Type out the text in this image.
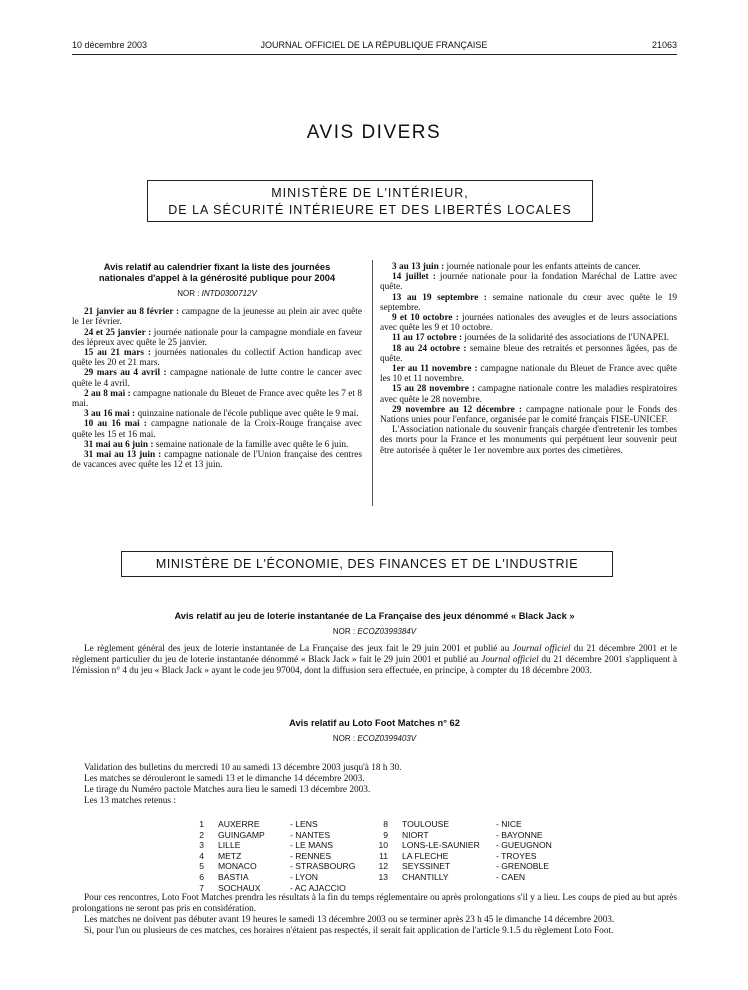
10 décembre 2003	JOURNAL OFFICIEL DE LA RÉPUBLIQUE FRANÇAISE	21063
AVIS DIVERS
MINISTÈRE DE L'INTÉRIEUR,
DE LA SÉCURITÉ INTÉRIEURE ET DES LIBERTÉS LOCALES
Avis relatif au calendrier fixant la liste des journées nationales d'appel à la générosité publique pour 2004
NOR : INTD0300712V

21 janvier au 8 février : campagne de la jeunesse au plein air avec quête le 1er février.

24 et 25 janvier : journée nationale pour la campagne mondiale en faveur des lépreux avec quête le 25 janvier.

15 au 21 mars : journées nationales du collectif Action handicap avec quête les 20 et 21 mars.

29 mars au 4 avril : campagne nationale de lutte contre le cancer avec quête le 4 avril.

2 au 8 mai : campagne nationale du Bleuet de France avec quête les 7 et 8 mai.

3 au 16 mai : quinzaine nationale de l'école publique avec quête le 9 mai.

10 au 16 mai : campagne nationale de la Croix-Rouge française avec quête les 15 et 16 mai.

31 mai au 6 juin : semaine nationale de la famille avec quête le 6 juin.

31 mai au 13 juin : campagne nationale de l'Union française des centres de vacances avec quête les 12 et 13 juin.

3 au 13 juin : journée nationale pour les enfants atteints de cancer.

14 juillet : journée nationale pour la fondation Maréchal de Lattre avec quête.

13 au 19 septembre : semaine nationale du cœur avec quête le 19 septembre.

9 et 10 octobre : journées nationales des aveugles et de leurs associations avec quête les 9 et 10 octobre.

11 au 17 octobre : journées de la solidarité des associations de l'UNAPEI.

18 au 24 octobre : semaine bleue des retraités et personnes âgées, pas de quête.

1er au 11 novembre : campagne nationale du Bleuet de France avec quête les 10 et 11 novembre.

15 au 28 novembre : campagne nationale contre les maladies respiratoires avec quête le 28 novembre.

29 novembre au 12 décembre : campagne nationale pour le Fonds des Nations unies pour l'enfance, organisée par le comité français FISE-UNICEF.

L'Association nationale du souvenir français chargée d'entretenir les tombes des morts pour la France et les monuments qui perpétuent leur souvenir peut être autorisée à quêter le 1er novembre aux portes des cimetières.

MINISTÈRE DE L'ÉCONOMIE, DES FINANCES ET DE L'INDUSTRIE
Avis relatif au jeu de loterie instantanée de La Française des jeux dénommé « Black Jack »
NOR : ECOZ0399384V

Le règlement général des jeux de loterie instantanée de La Française des jeux fait le 29 juin 2001 et publié au Journal officiel du 21 décembre 2001 et le règlement particulier du jeu de loterie instantanée dénommé « Black Jack » fait le 29 juin 2001 et publié au Journal officiel du 21 décembre 2001 s'appliquent à l'émission n° 4 du jeu « Black Jack » ayant le code jeu 97004, dont la diffusion sera effectuée, en principe, à compter du 18 décembre 2003.

Avis relatif au Loto Foot Matches n° 62
NOR : ECOZ0399403V

Validation des bulletins du mercredi 10 au samedi 13 décembre 2003 jusqu'à 18 h 30.

Les matches se dérouleront le samedi 13 et le dimanche 14 décembre 2003.

Le tirage du Numéro pactole Matches aura lieu le samedi 13 décembre 2003.

Les 13 matches retenus :

1 AUXERRE	- LENS
2 GUINGAMP	- NANTES
3 LILLE	- LE MANS
4 METZ	- RENNES
5 MONACO	- STRASBOURG
6 BASTIA	- LYON
7 SOCHAUX	- AC AJACCIO
8 TOULOUSE	- NICE
9 NIORT	- BAYONNE
10 LONS-LE-SAUNIER - GUEUGNON
11 LA FLECHE	- TROYES
12 SEYSSINET	- GRENOBLE
13 CHANTILLY	- CAEN

Pour ces rencontres, Loto Foot Matches prendra les résultats à la fin du temps réglementaire ou après prolongations s'il y a lieu. Les coups de pied au but après prolongations ne seront pas pris en considération.

Les matches ne doivent pas débuter avant 19 heures le samedi 13 décembre 2003 ou se terminer après 23 h 45 le dimanche 14 décembre 2003.

Si, pour l'un ou plusieurs de ces matches, ces horaires n'étaient pas respectés, il serait fait application de l'article 9.1.5 du règlement Loto Foot.
